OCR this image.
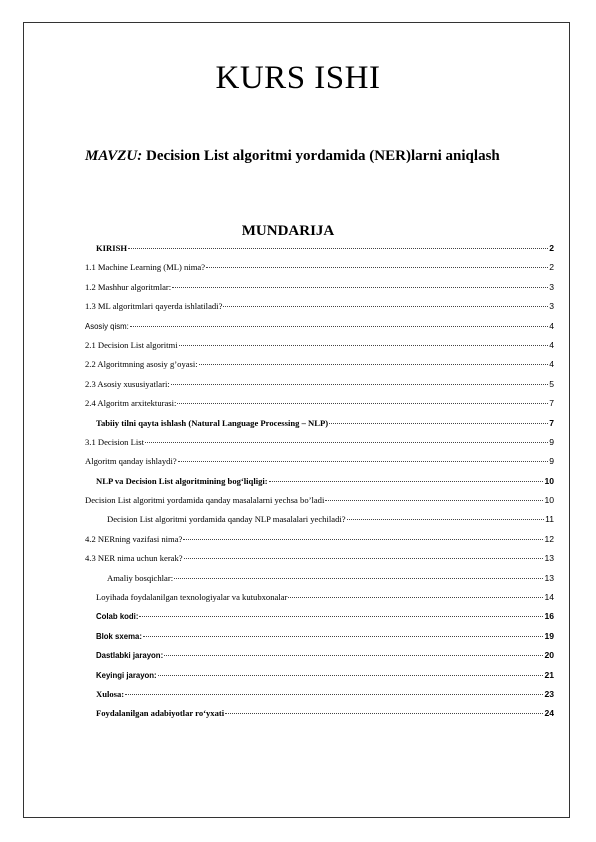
KURS ISHI
MAVZU: Decision List algoritmi yordamida (NER)larni aniqlash
MUNDARIJA
KIRISH	2
1.1 Machine Learning (ML) nima?	2
1.2 Mashhur algoritmlar:	3
1.3 ML algoritmlari qayerda ishlatiladi?	3
Asosiy qism:	4
2.1 Decision List algoritmi	4
2.2 Algoritmning asosiy g’oyasi:	4
2.3 Asosiy xususiyatlari:	5
2.4 Algoritm arxitekturasi:	7
Tabiiy tilni qayta ishlash (Natural Language Processing – NLP)	7
3.1 Decision List	9
Algoritm qanday ishlaydi?	9
NLP va Decision List algoritmining bog‘liqligi:	10
Decision List algoritmi yordamida qanday masalalarni yechsa bo’ladi	10
Decision List algoritmi yordamida qanday NLP masalalari yechiladi?	11
4.2 NERning vazifasi nima?	12
4.3 NER nima uchun kerak?	13
Amaliy bosqichlar:	13
Loyihada foydalanilgan texnologiyalar va kutubxonalar	14
Colab kodi:	16
Blok sxema:	19
Dastlabki jarayon:	20
Keyingi jarayon:	21
Xulosa:	23
Foydalanilgan adabiyotlar ro‘yxati	24
